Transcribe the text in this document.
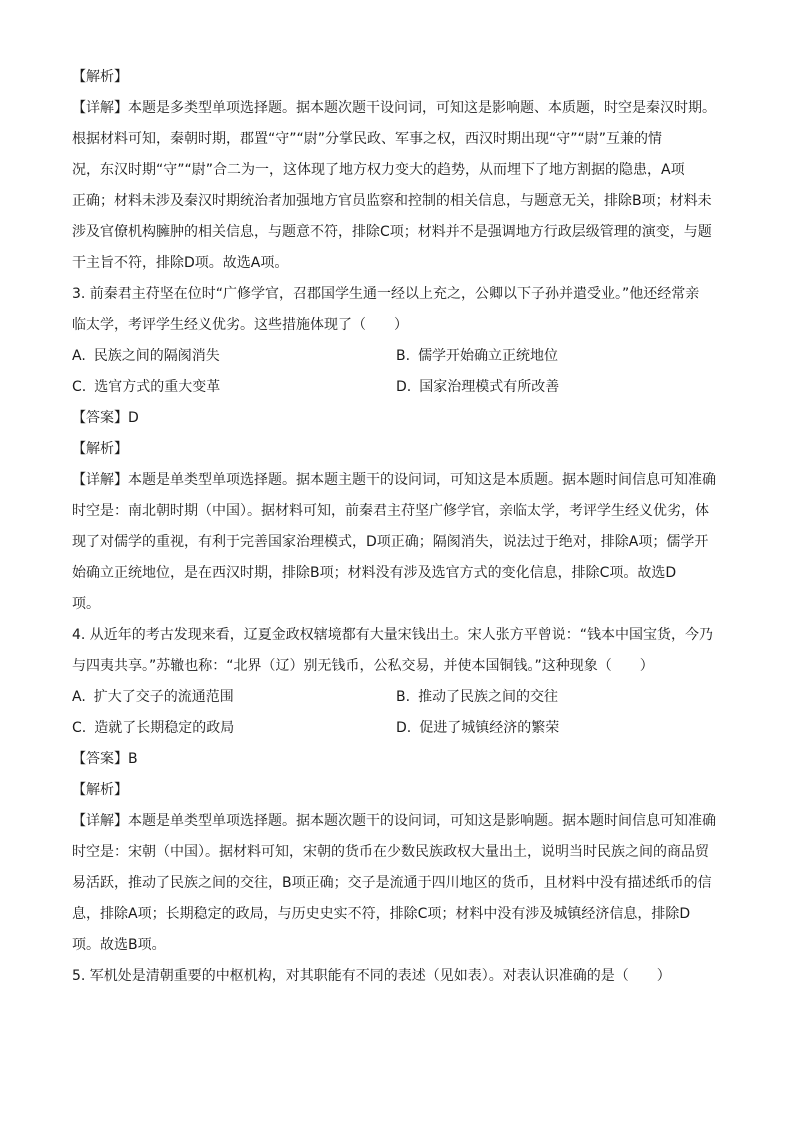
【解析】
【详解】本题是多类型单项选择题。据本题次题干设问词，可知这是影响题、本质题，时空是秦汉时期。
根据材料可知，秦朝时期，郡置“守”“尉”分掌民政、军事之权，西汉时期出现“守”“尉”互兼的情
况，东汉时期“守”“尉”合二为一，这体现了地方权力变大的趋势，从而埋下了地方割据的隐患，A项
正确；材料未涉及秦汉时期统治者加强地方官员监察和控制的相关信息，与题意无关，排除B项；材料未
涉及官僚机构臃肿的相关信息，与题意不符，排除C项；材料并不是强调地方行政层级管理的演变，与题
干主旨不符，排除D项。故选A项。
3. 前秦君主苻坚在位时“广修学官，召郡国学生通一经以上充之，公卿以下子孙并遣受业。”他还经常亲
临太学，考评学生经义优劣。这些措施体现了（　　）
A. 民族之间的隔阂消失	B. 儒学开始确立正统地位
C. 选官方式的重大变革	D. 国家治理模式有所改善
【答案】D
【解析】
【详解】本题是单类型单项选择题。据本题主题干的设问词，可知这是本质题。据本题时间信息可知准确
时空是：南北朝时期（中国）。据材料可知，前秦君主苻坚广修学官，亲临太学，考评学生经义优劣，体
现了对儒学的重视，有利于完善国家治理模式，D项正确；隔阂消失，说法过于绝对，排除A项；儒学开
始确立正统地位，是在西汉时期，排除B项；材料没有涉及选官方式的变化信息，排除C项。故选D
项。
4. 从近年的考古发现来看，辽夏金政权辖境都有大量宋钱出土。宋人张方平曾说：“钱本中国宝货，今乃
与四夷共享。”苏辙也称：“北界（辽）别无钱币，公私交易，并使本国铜钱。”这种现象（　　）
A. 扩大了交子的流通范围	B. 推动了民族之间的交往
C. 造就了长期稳定的政局	D. 促进了城镇经济的繁荣
【答案】B
【解析】
【详解】本题是单类型单项选择题。据本题次题干的设问词，可知这是影响题。据本题时间信息可知准确
时空是：宋朝（中国）。据材料可知，宋朝的货币在少数民族政权大量出土，说明当时民族之间的商品贸
易活跃，推动了民族之间的交往，B项正确；交子是流通于四川地区的货币，且材料中没有描述纸币的信
息，排除A项；长期稳定的政局，与历史史实不符，排除C项；材料中没有涉及城镇经济信息，排除D
项。故选B项。
5. 军机处是清朝重要的中枢机构，对其职能有不同的表述（见如表）。对表认识准确的是（　　）
